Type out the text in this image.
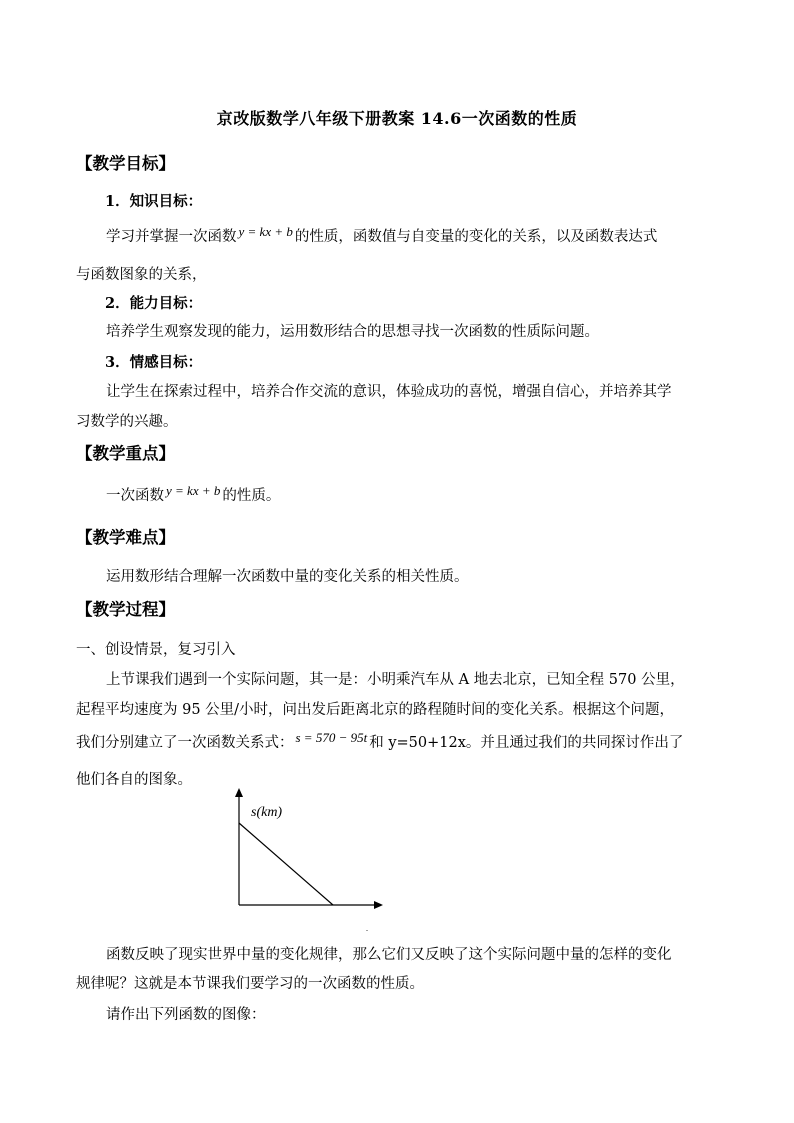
京改版数学八年级下册教案 14.6一次函数的性质
【教学目标】
1．知识目标：
学习并掌握一次函数 y = kx + b 的性质，函数值与自变量的变化的关系，以及函数表达式
与函数图象的关系，
2．能力目标：
培养学生观察发现的能力，运用数形结合的思想寻找一次函数的性质际问题。
3．情感目标：
让学生在探索过程中，培养合作交流的意识，体验成功的喜悦，增强自信心，并培养其学
习数学的兴趣。
【教学重点】
一次函数 y = kx + b 的性质。
【教学难点】
运用数形结合理解一次函数中量的变化关系的相关性质。
【教学过程】
一、创设情景，复习引入
上节课我们遇到一个实际问题，其一是：小明乘汽车从 A 地去北京，已知全程 570 公里，
起程平均速度为 95 公里/小时，问出发后距离北京的路程随时间的变化关系。根据这个问题，
我们分别建立了一次函数关系式： s = 570 − 95t 和 y=50+12x。并且通过我们的共同探讨作出了
他们各自的图象。
s(km)
.
函数反映了现实世界中量的变化规律，那么它们又反映了这个实际问题中量的怎样的变化
规律呢？这就是本节课我们要学习的一次函数的性质。
请作出下列函数的图像：
